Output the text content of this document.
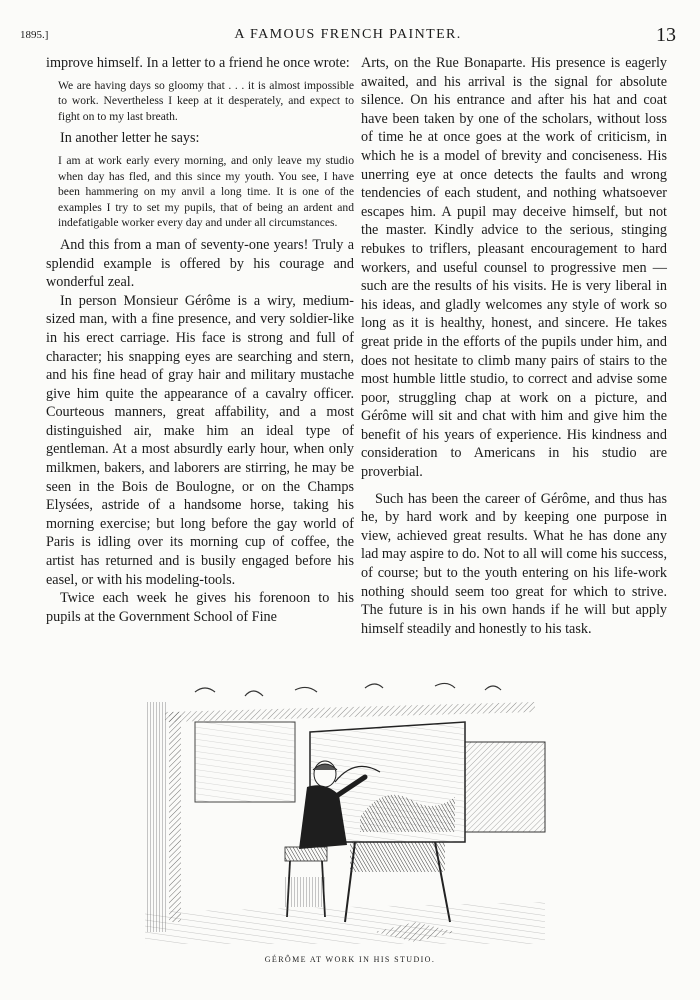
1895.]	A FAMOUS FRENCH PAINTER.	13

improve himself. In a letter to a friend he once wrote:

We are having days so gloomy that . . . it is almost impossible to work. Nevertheless I keep at it desperately, and expect to fight on to my last breath.

In another letter he says:

I am at work early every morning, and only leave my studio when day has fled, and this since my youth. You see, I have been hammering on my anvil a long time. It is one of the examples I try to set my pupils, that of being an ardent and indefatigable worker every day and under all circumstances.

And this from a man of seventy-one years! Truly a splendid example is offered by his courage and wonderful zeal.

In person Monsieur Gérôme is a wiry, medium-sized man, with a fine presence, and very soldier-like in his erect carriage. His face is strong and full of character; his snapping eyes are searching and stern, and his fine head of gray hair and military mustache give him quite the appearance of a cavalry officer. Courteous manners, great affability, and a most distinguished air, make him an ideal type of gentleman. At a most absurdly early hour, when only milkmen, bakers, and laborers are stirring, he may be seen in the Bois de Boulogne, or on the Champs Elysées, astride of a handsome horse, taking his morning exercise; but long before the gay world of Paris is idling over its morning cup of coffee, the artist has returned and is busily engaged before his easel, or with his modeling-tools.

Twice each week he gives his forenoon to his pupils at the Government School of Fine

Arts, on the Rue Bonaparte. His presence is eagerly awaited, and his arrival is the signal for absolute silence. On his entrance and after his hat and coat have been taken by one of the scholars, without loss of time he at once goes at the work of criticism, in which he is a model of brevity and conciseness. His unerring eye at once detects the faults and wrong tendencies of each student, and nothing whatsoever escapes him. A pupil may deceive himself, but not the master. Kindly advice to the serious, stinging rebukes to triflers, pleasant encouragement to hard workers, and useful counsel to progressive men — such are the results of his visits. He is very liberal in his ideas, and gladly welcomes any style of work so long as it is healthy, honest, and sincere. He takes great pride in the efforts of the pupils under him, and does not hesitate to climb many pairs of stairs to the most humble little studio, to correct and advise some poor, struggling chap at work on a picture, and Gérôme will sit and chat with him and give him the benefit of his years of experience. His kindness and consideration to Americans in his studio are proverbial.

Such has been the career of Gérôme, and thus has he, by hard work and by keeping one purpose in view, achieved great results. What he has done any lad may aspire to do. Not to all will come his success, of course; but to the youth entering on his life-work nothing should seem too great for which to strive. The future is in his own hands if he will but apply himself steadily and honestly to his task.

GÉRÔME AT WORK IN HIS STUDIO.
